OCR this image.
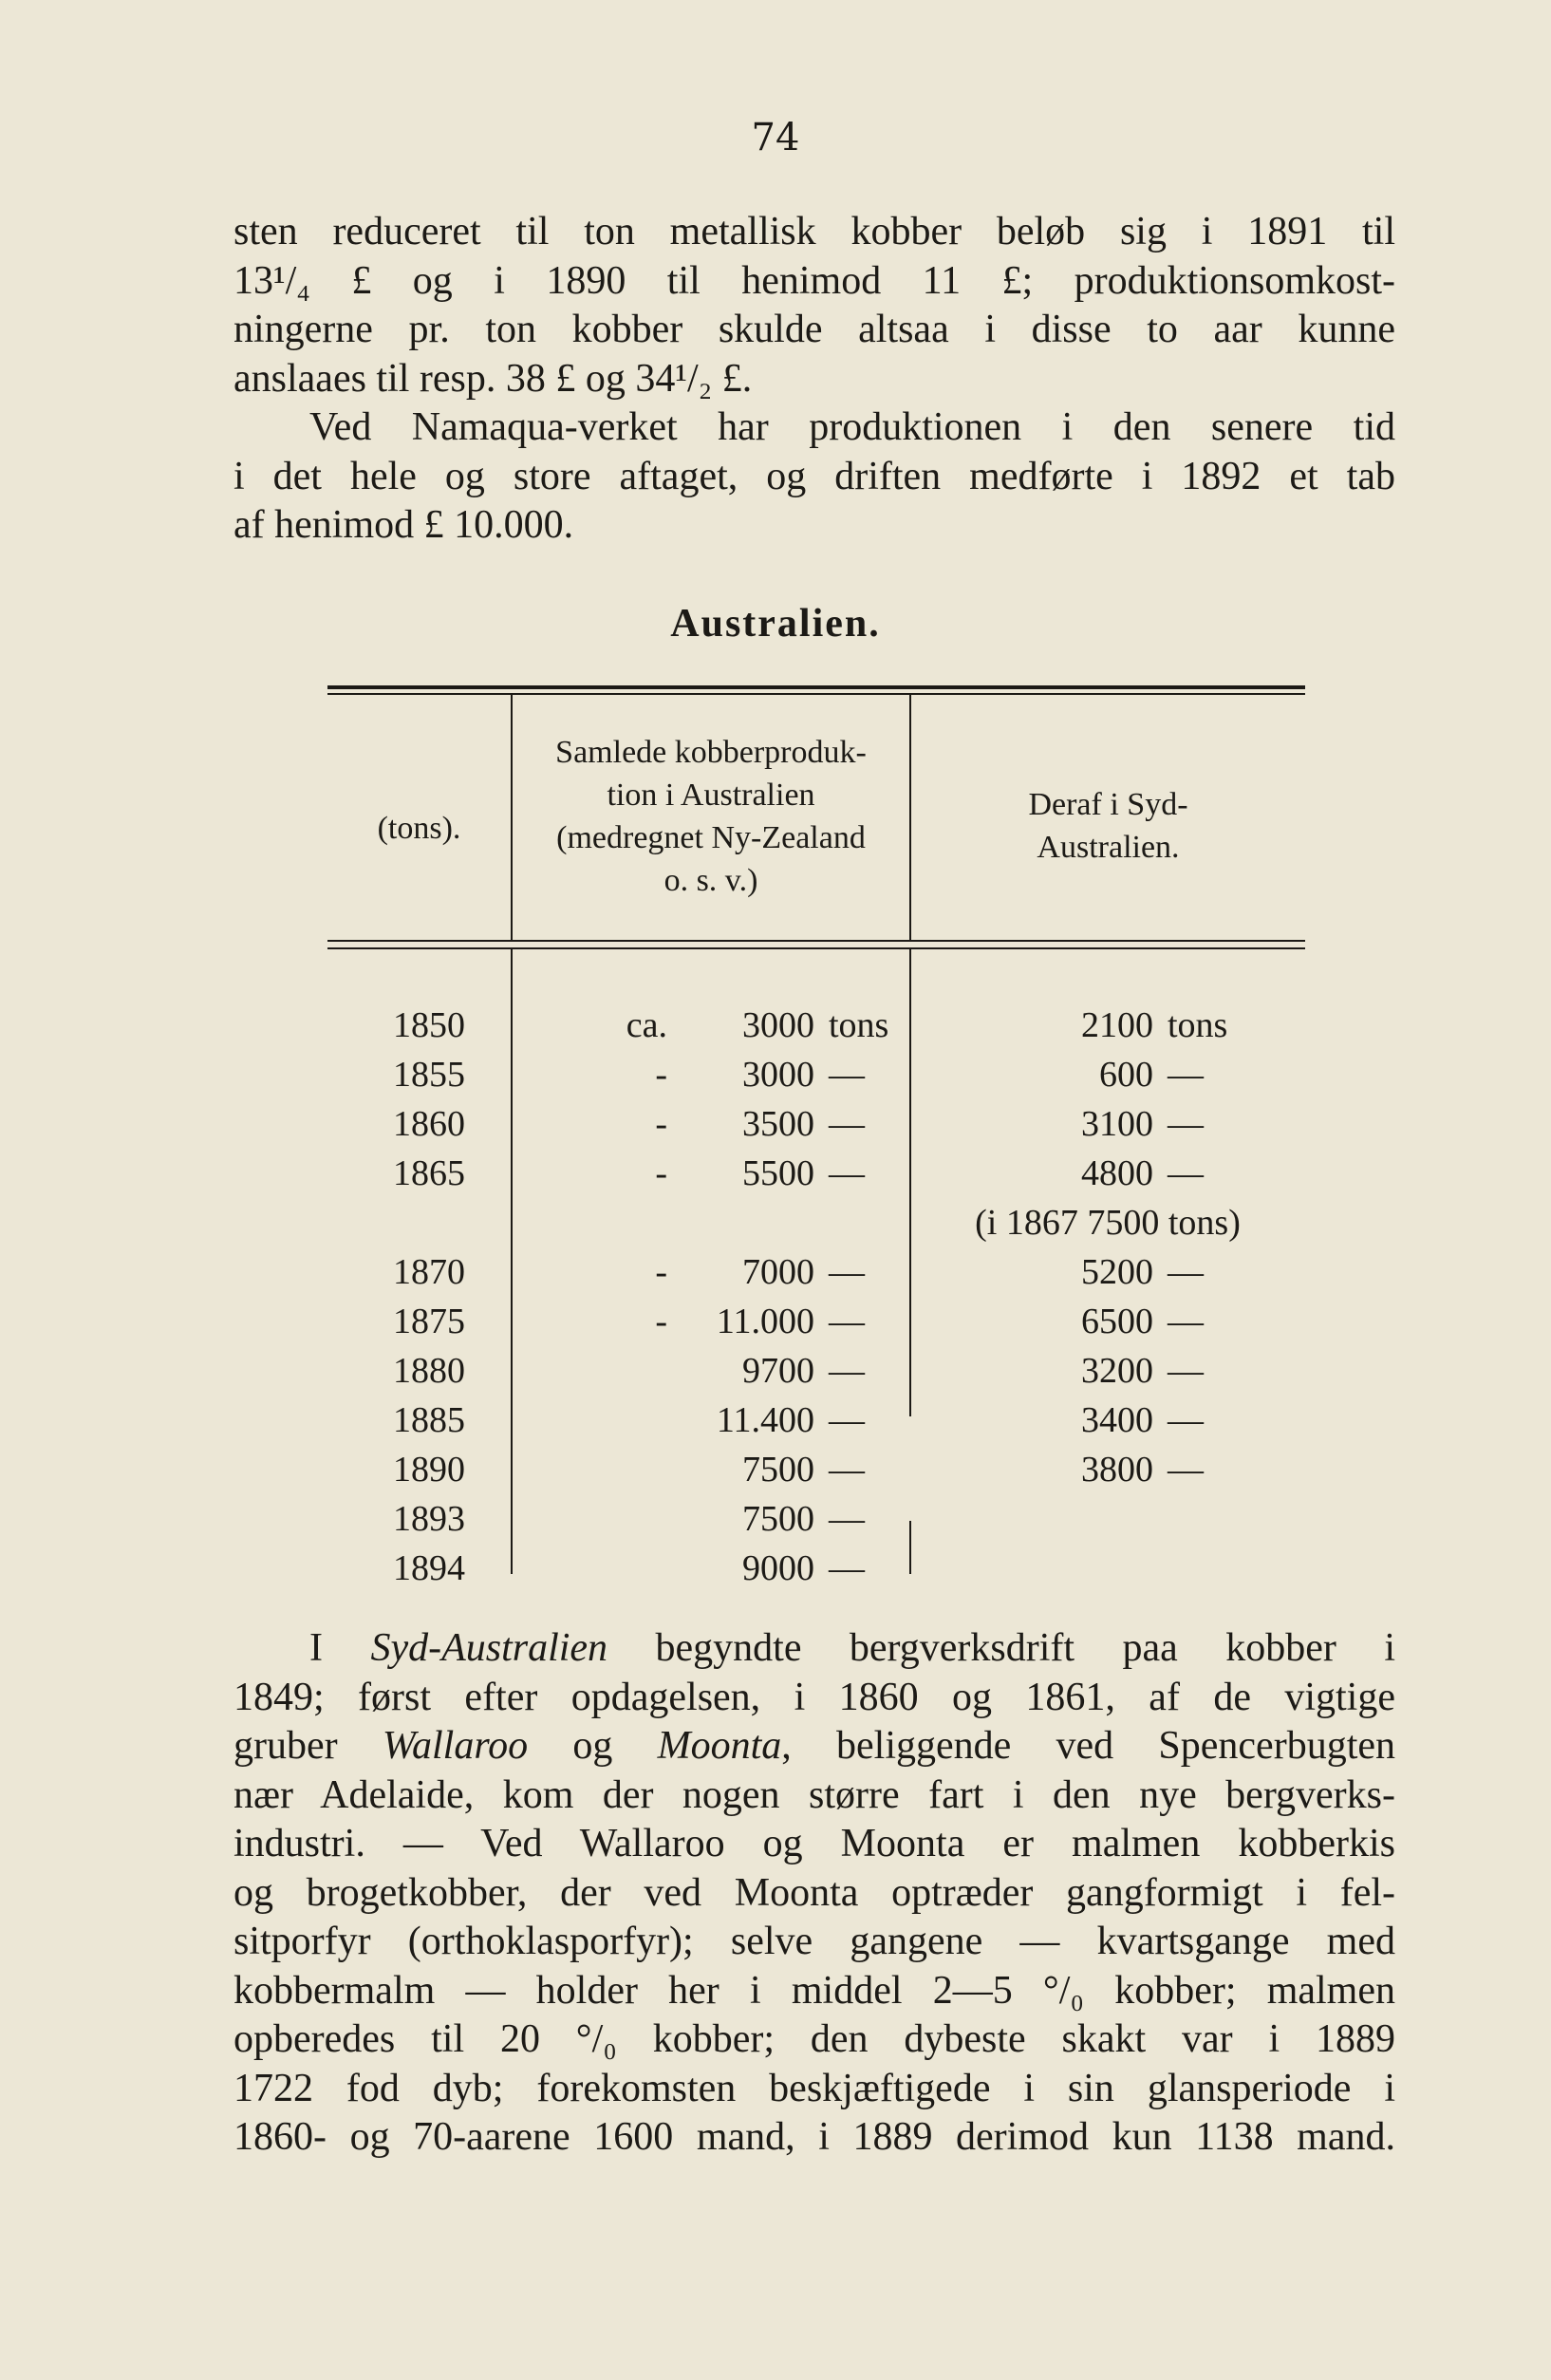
74

sten reduceret til ton metallisk kobber beløb sig i 1891 til
13¹/₄ £ og i 1890 til henimod 11 £; produktionsomkost-
ningerne pr. ton kobber skulde altsaa i disse to aar kunne
anslaaes til resp. 38 £ og 34¹/₂ £.

Ved Namaqua-verket har produktionen i den senere tid
i det hele og store aftaget, og driften medførte i 1892 et tab
af henimod £ 10.000.

Australien.
(tons).
Samlede kobberproduk-
tion i Australien
(medregnet Ny-Zealand
o. s. v.)
Deraf i Syd-
Australien.
1850	ca.	3000 tons	2100 tons
1855	-	3000 —	600 —
1860	-	3500 —	3100 —
1865	-	5500 —	4800 —
(i 1867 7500 tons)
1870	-	7000 —	5200 —
1875	-	11.000 —	6500 —
1880	9700 —	3200 —
1885	11.400 —	3400 —
1890	7500 —	3800 —
1893	7500 —
1894	9000 —

I Syd-Australien begyndte bergverksdrift paa kobber i
1849; først efter opdagelsen, i 1860 og 1861, af de vigtige
gruber Wallaroo og Moonta, beliggende ved Spencerbugten
nær Adelaide, kom der nogen større fart i den nye bergverks-
industri. — Ved Wallaroo og Moonta er malmen kobberkis
og brogetkobber, der ved Moonta optræder gangformigt i fel-
sitporfyr (orthoklasporfyr); selve gangene — kvartsgange med
kobbermalm — holder her i middel 2—5 °/₀ kobber; malmen
opberedes til 20 °/₀ kobber; den dybeste skakt var i 1889
1722 fod dyb; forekomsten beskjæftigede i sin glansperiode i
1860- og 70-aarene 1600 mand, i 1889 derimod kun 1138 mand.
